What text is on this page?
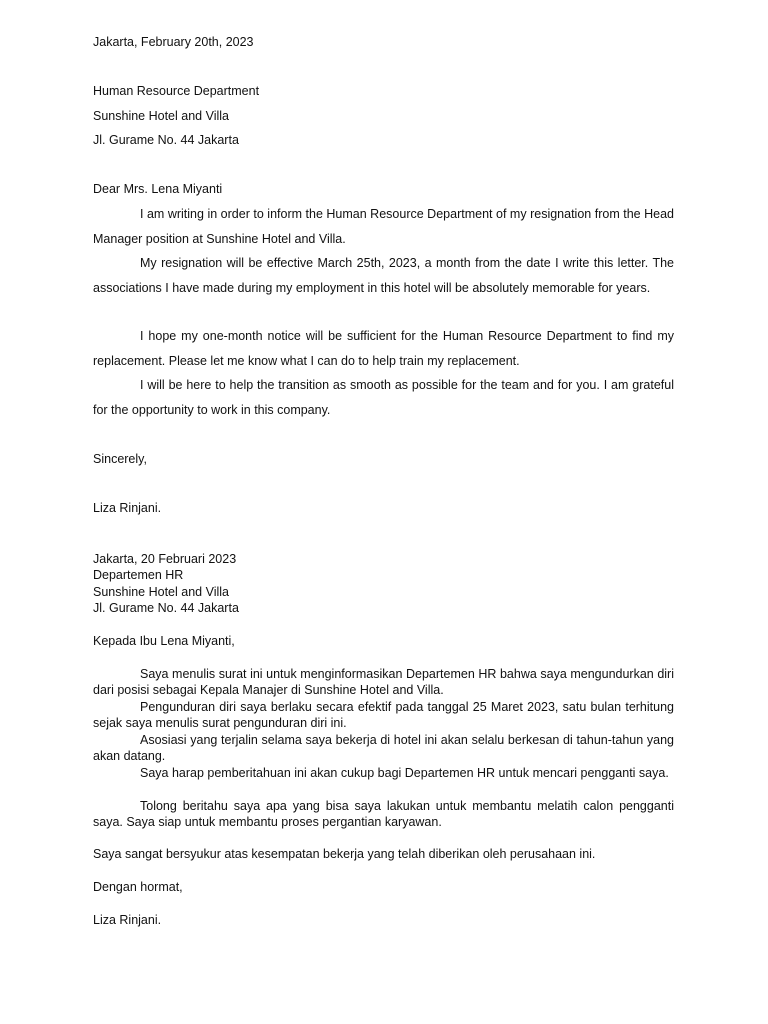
Jakarta, February 20th, 2023
Human Resource Department
Sunshine Hotel and Villa
Jl. Gurame No. 44 Jakarta
Dear Mrs. Lena Miyanti
I am writing in order to inform the Human Resource Department of my resignation from the Head Manager position at Sunshine Hotel and Villa.
My resignation will be effective March 25th, 2023, a month from the date I write this letter. The associations I have made during my employment in this hotel will be absolutely memorable for years.
I hope my one-month notice will be sufficient for the Human Resource Department to find my replacement. Please let me know what I can do to help train my replacement.
I will be here to help the transition as smooth as possible for the team and for you. I am grateful for the opportunity to work in this company.
Sincerely,
Liza Rinjani.
Jakarta, 20 Februari 2023
Departemen HR
Sunshine Hotel and Villa
Jl. Gurame No. 44 Jakarta
Kepada Ibu Lena Miyanti,
Saya menulis surat ini untuk menginformasikan Departemen HR bahwa saya mengundurkan diri dari posisi sebagai Kepala Manajer di Sunshine Hotel and Villa.
Pengunduran diri saya berlaku secara efektif pada tanggal 25 Maret 2023, satu bulan terhitung sejak saya menulis surat pengunduran diri ini.
Asosiasi yang terjalin selama saya bekerja di hotel ini akan selalu berkesan di tahun-tahun yang akan datang.
Saya harap pemberitahuan ini akan cukup bagi Departemen HR untuk mencari pengganti saya.
Tolong beritahu saya apa yang bisa saya lakukan untuk membantu melatih calon pengganti saya. Saya siap untuk membantu proses pergantian karyawan.
Saya sangat bersyukur atas kesempatan bekerja yang telah diberikan oleh perusahaan ini.
Dengan hormat,
Liza Rinjani.
